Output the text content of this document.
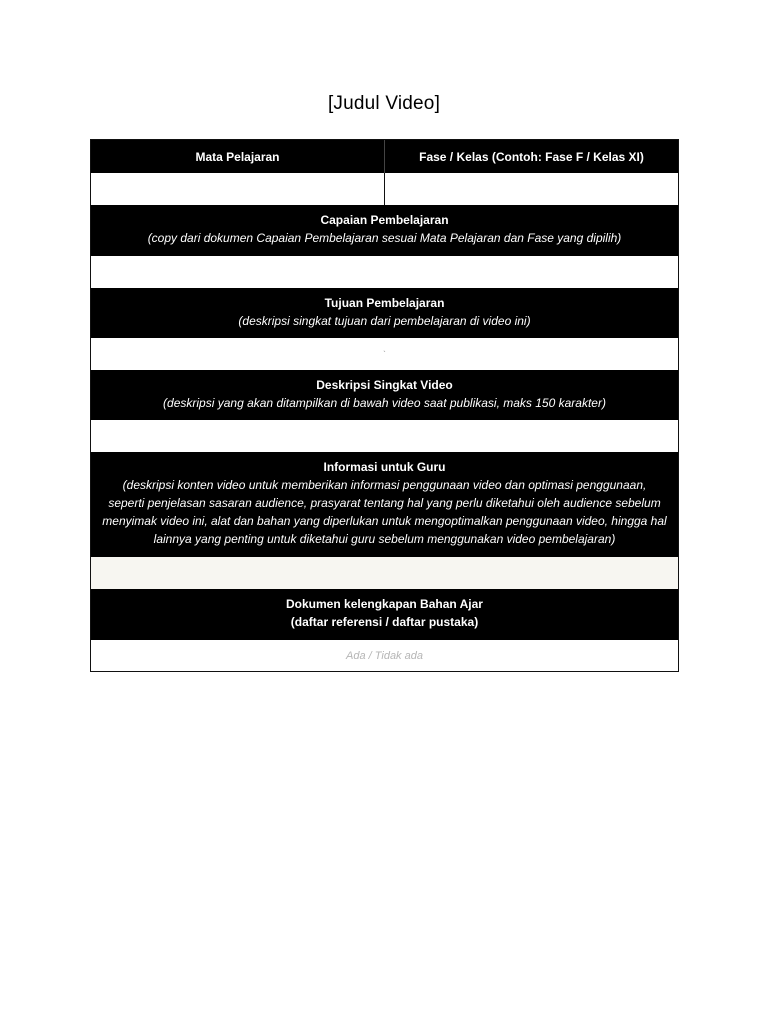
[Judul Video]
Mata Pelajaran	Fase / Kelas (Contoh: Fase F / Kelas XI)
Capaian Pembelajaran
(copy dari dokumen Capaian Pembelajaran sesuai Mata Pelajaran dan Fase yang dipilih)
Tujuan Pembelajaran
(deskripsi singkat tujuan dari pembelajaran di video ini)
`
Deskripsi Singkat Video
(deskripsi yang akan ditampilkan di bawah video saat publikasi, maks 150 karakter)
Informasi untuk Guru
(deskripsi konten video untuk memberikan informasi penggunaan video dan optimasi penggunaan,
seperti penjelasan sasaran audience, prasyarat tentang hal yang perlu diketahui oleh audience sebelum
menyimak video ini, alat dan bahan yang diperlukan untuk mengoptimalkan penggunaan video, hingga hal
lainnya yang penting untuk diketahui guru sebelum menggunakan video pembelajaran)
Dokumen kelengkapan Bahan Ajar
(daftar referensi / daftar pustaka)
Ada / Tidak ada
